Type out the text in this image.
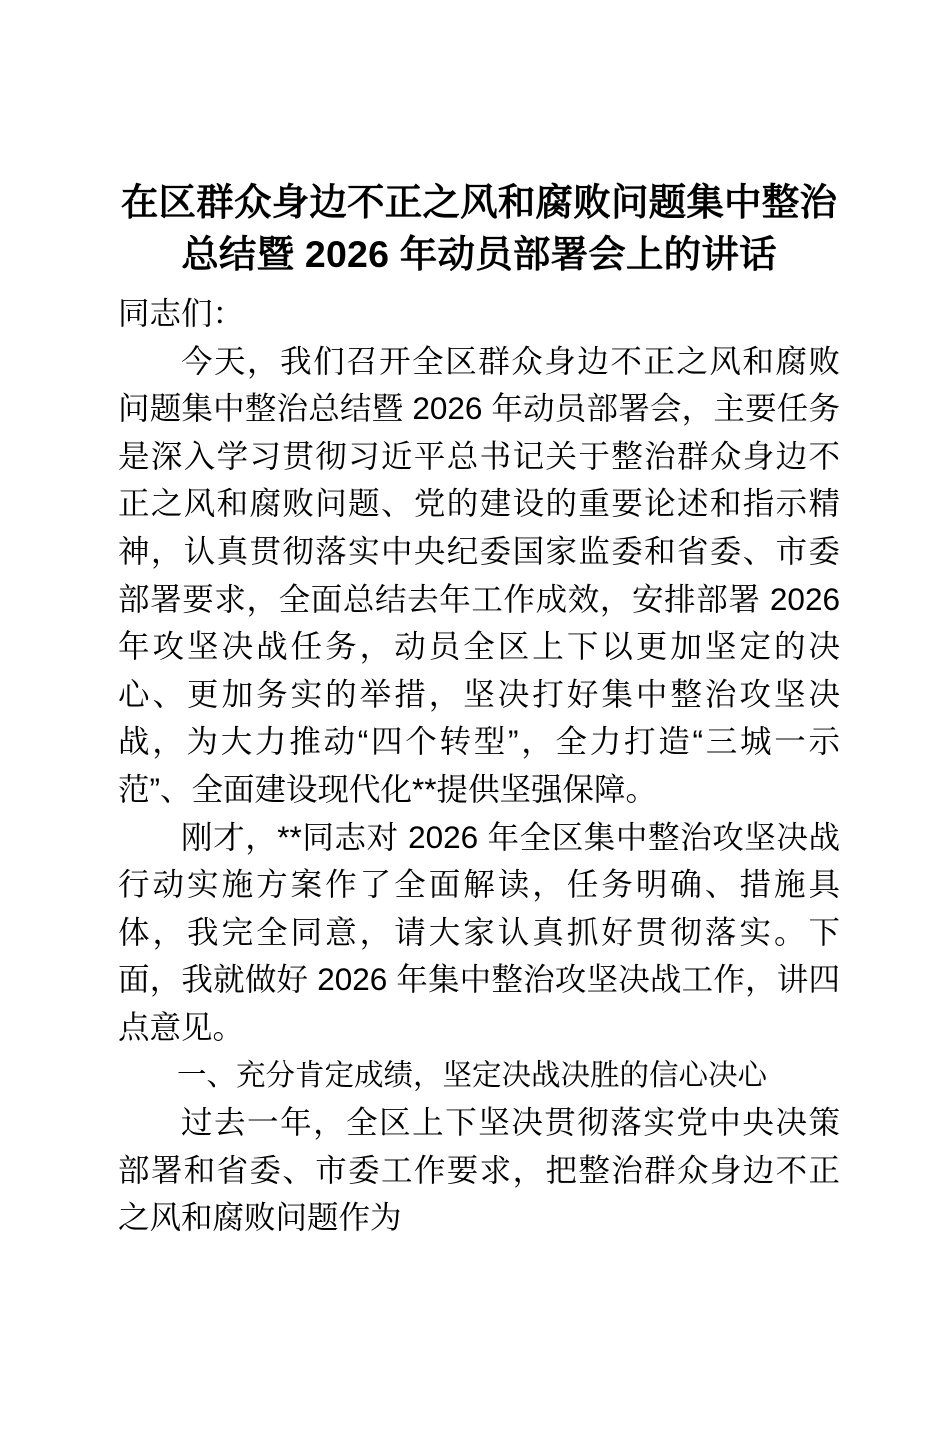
在区群众身边不正之风和腐败问题集中整治总结暨 2026 年动员部署会上的讲话

同志们：

今天，我们召开全区群众身边不正之风和腐败问题集中整治总结暨 2026 年动员部署会，主要任务是深入学习贯彻习近平总书记关于整治群众身边不正之风和腐败问题、党的建设的重要论述和指示精神，认真贯彻落实中央纪委国家监委和省委、市委部署要求，全面总结去年工作成效，安排部署 2026 年攻坚决战任务，动员全区上下以更加坚定的决心、更加务实的举措，坚决打好集中整治攻坚决战，为大力推动“四个转型”，全力打造“三城一示范”、全面建设现代化**提供坚强保障。

刚才，**同志对 2026 年全区集中整治攻坚决战行动实施方案作了全面解读，任务明确、措施具体，我完全同意，请大家认真抓好贯彻落实。下面，我就做好 2026 年集中整治攻坚决战工作，讲四点意见。

一、充分肯定成绩，坚定决战决胜的信心决心

过去一年，全区上下坚决贯彻落实党中央决策部署和省委、市委工作要求，把整治群众身边不正之风和腐败问题作为
